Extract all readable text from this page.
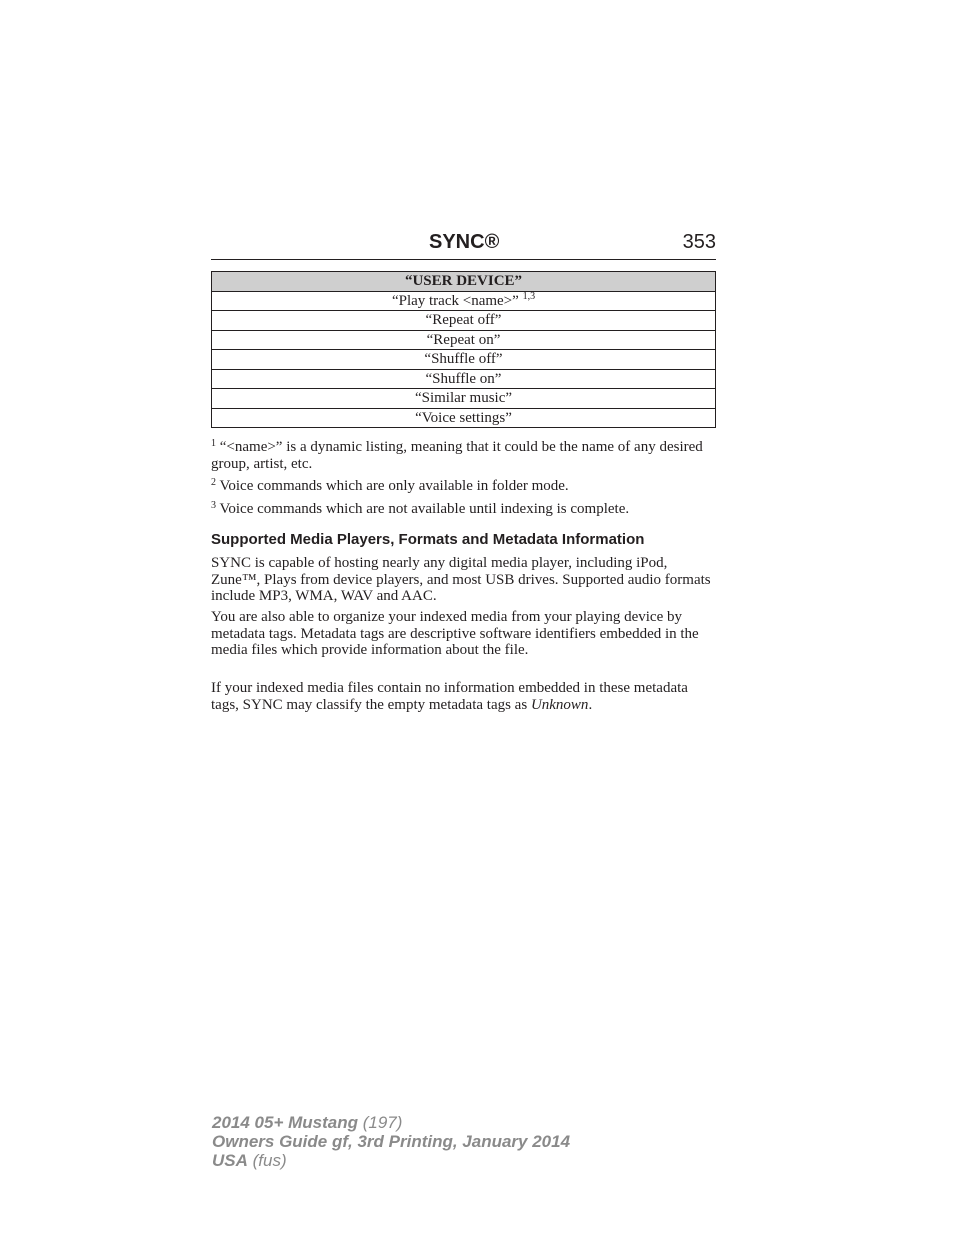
SYNC®	353
“USER DEVICE”
“Play track <name>” $^{1,3}$
“Repeat off”
“Repeat on”
“Shuffle off”
“Shuffle on”
“Similar music”
“Voice settings”
$^1$ “<name>” is a dynamic listing, meaning that it could be the name of any desired group, artist, etc.
$^2$ Voice commands which are only available in folder mode.
$^3$ Voice commands which are not available until indexing is complete.
Supported Media Players, Formats and Metadata Information

SYNC is capable of hosting nearly any digital media player, including iPod, Zune™, Plays from device players, and most USB drives. Supported audio formats include MP3, WMA, WAV and AAC.

You are also able to organize your indexed media from your playing device by metadata tags. Metadata tags are descriptive software identifiers embedded in the media files which provide information about the file.

If your indexed media files contain no information embedded in these metadata tags, SYNC may classify the empty metadata tags as Unknown.

2014 05+ Mustang (197)
Owners Guide gf, 3rd Printing, January 2014
USA (fus)
